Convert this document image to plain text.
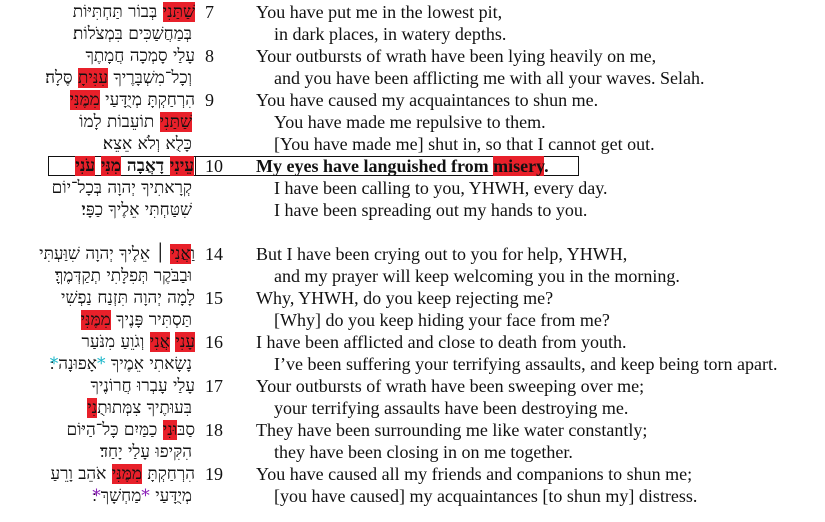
שַׁתַּנִי בְּבוֹר תַּחְתִּיּוֹת	7	You have put me in the lowest pit,
בְּמַחֲשַׁכִּים בִּמְצֹלוֹת׃	in dark places, in watery depths.
עָלַי סָמְכָה חֲמָתֶךָ 8	Your outbursts of wrath have been lying heavily on me,
וְכָל־מִשְׁבָּרֶיךָ עִנִּיתָ סֶּלָה׃	and you have been afflicting me with all your waves. Selah.
הִרְחַקְתָּ מְיֻדָּעַי מִמֶּנִּי	9	You have caused my acquaintances to shun me.
שַׁתַּנִי תוֹעֵבוֹת לָמוֹ	You have made me repulsive to them.
כָּלֻא וְלֹא אֵצֵא׃	[You have made me] shut in, so that I cannot get out.
עֵינִי דָאֲבָה מִנִּי עֹנִי	10	My eyes have languished from misery.
קְרָאתִיךָ יְהוָה בְּכָל־יוֹם	I have been calling to you, YHWH, every day.
שִׁטַּחְתִּי אֵלֶיךָ כַפָּי׃	I have been spreading out my hands to you.
וַאֲנִי ׀ אֵלֶיךָ יְהוָה שִׁוַּעְתִּי	14	But I have been crying out to you for help, YHWH,
וּבַבֹּקֶר תְּפִלָּתִי תְקַדְּמֶךָּ׃	and my prayer will keep welcoming you in the morning.
לָמָה יְהוָה תִּזְנַח נַפְשִׁי 15	Why, YHWH, do you keep rejecting me?
תַּסְתִּיר פָּנֶיךָ מִמֶּנִּי	[Why] do you keep hiding your face from me?
עָנִי אֲנִי וְגֹוֵעַ מִנֹּעַר	16	I have been afflicted and close to death from youth.
נָשָׂאתִי אֵמֶיךָ *אָפוּנָה*	I’ve been suffering your terrifying assaults, and keep being torn apart.
עָלַי עָבְרוּ חֲרוֹנֶיךָ 17	Your outbursts of wrath have been sweeping over me;
בִּעוּתֶיךָ צִמְּתוּתֻנִי	your terrifying assaults have been destroying me.
סַבּוּנִי כַמַּיִם כָּל־הַיּוֹם	18	They have been surrounding me like water constantly;
הִקִּיפוּ עָלַי יָחַד׃	they have been closing in on me together.
הִרְחַקְתָּ מִמֶּנִּי אֹהֵב וָרֵעַ	19	You have caused all my friends and companions to shun me;
מְיֻדָּעַי *מַחְשָׁךְ*	[you have caused] my acquaintances [to shun my] distress.
